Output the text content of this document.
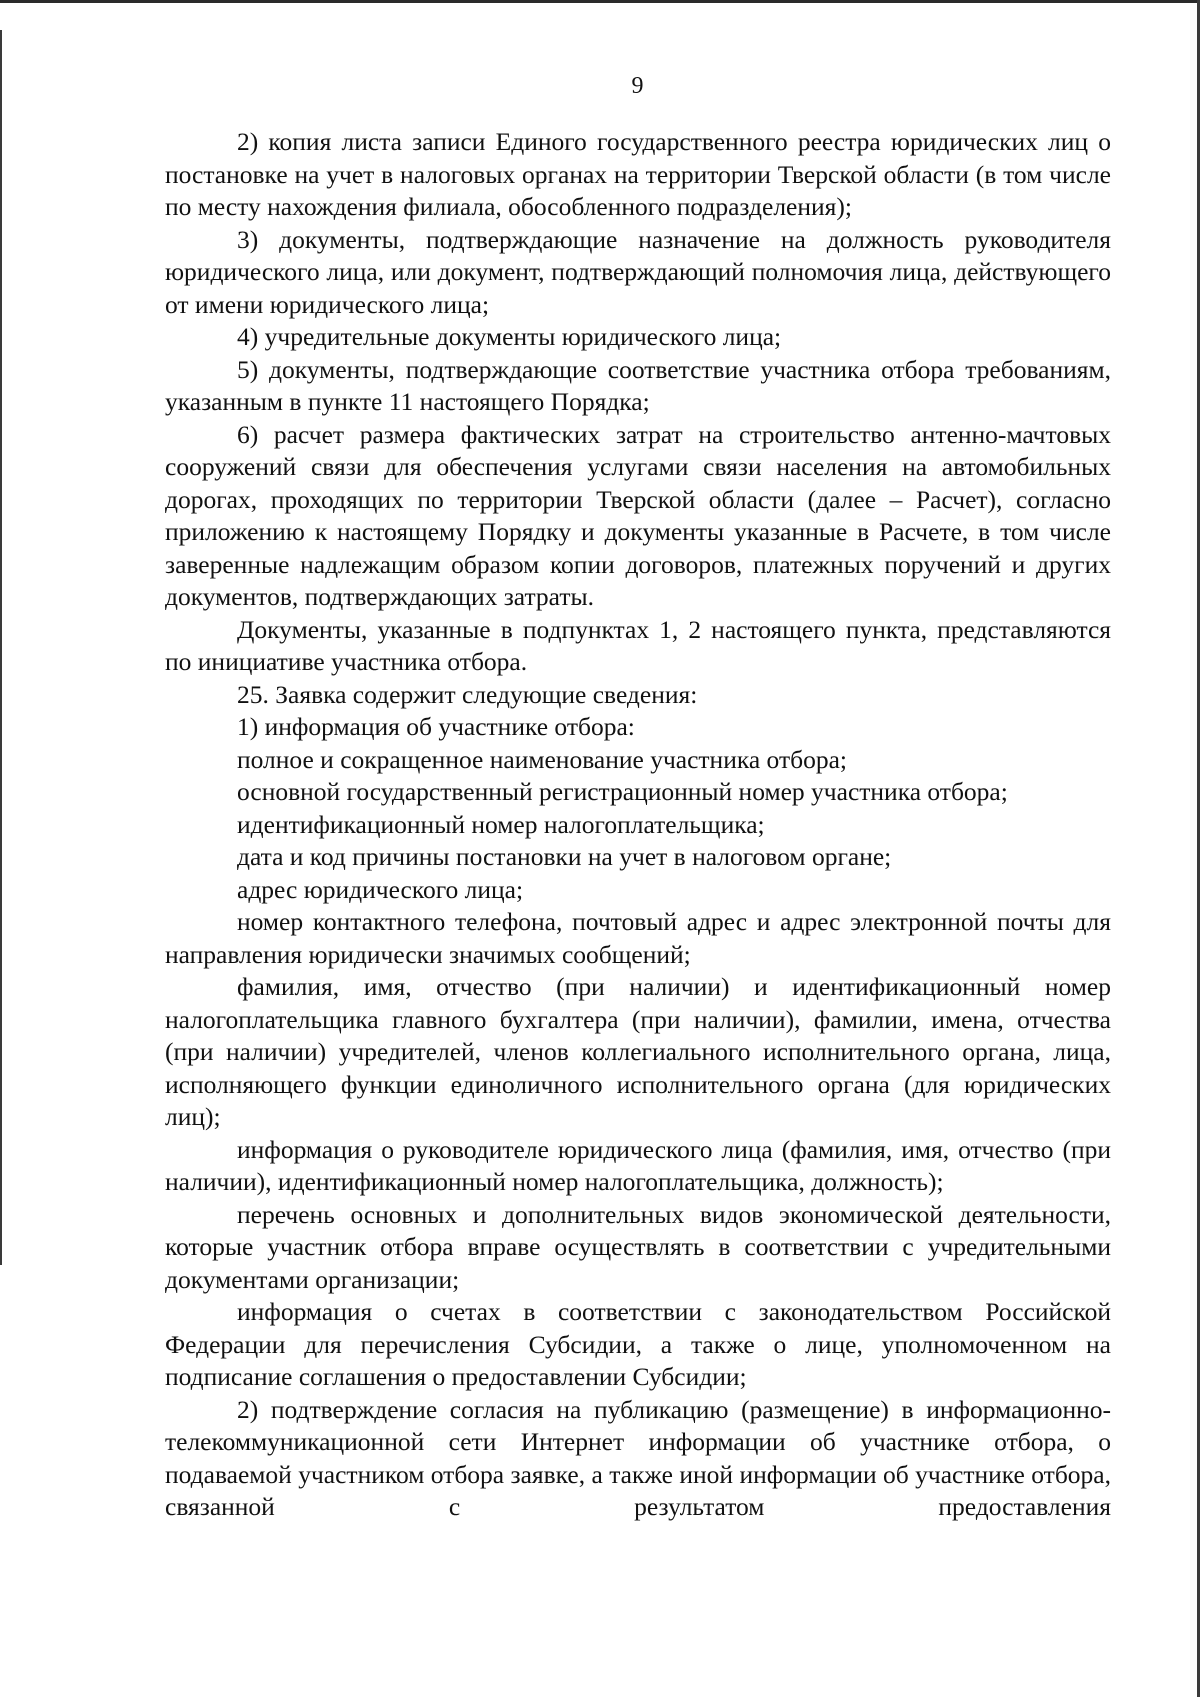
9

2) копия листа записи Единого государственного реестра юридических лиц о постановке на учет в налоговых органах на территории Тверской области (в том числе по месту нахождения филиала, обособленного подразделения);

3) документы, подтверждающие назначение на должность руководителя юридического лица, или документ, подтверждающий полномочия лица, действующего от имени юридического лица;

4) учредительные документы юридического лица;

5) документы, подтверждающие соответствие участника отбора требованиям, указанным в пункте 11 настоящего Порядка;

6) расчет размера фактических затрат на строительство антенно-мачтовых сооружений связи для обеспечения услугами связи населения на автомобильных дорогах, проходящих по территории Тверской области (далее – Расчет), согласно приложению к настоящему Порядку и документы указанные в Расчете, в том числе заверенные надлежащим образом копии договоров, платежных поручений и других документов, подтверждающих затраты.

Документы, указанные в подпунктах 1, 2 настоящего пункта, представляются по инициативе участника отбора.

25. Заявка содержит следующие сведения:

1) информация об участнике отбора:

полное и сокращенное наименование участника отбора;

основной государственный регистрационный номер участника отбора;

идентификационный номер налогоплательщика;

дата и код причины постановки на учет в налоговом органе;

адрес юридического лица;

номер контактного телефона, почтовый адрес и адрес электронной почты для направления юридически значимых сообщений;

фамилия, имя, отчество (при наличии) и идентификационный номер налогоплательщика главного бухгалтера (при наличии), фамилии, имена, отчества (при наличии) учредителей, членов коллегиального исполнительного органа, лица, исполняющего функции единоличного исполнительного органа (для юридических лиц);

информация о руководителе юридического лица (фамилия, имя, отчество (при наличии), идентификационный номер налогоплательщика, должность);

перечень основных и дополнительных видов экономической деятельности, которые участник отбора вправе осуществлять в соответствии с учредительными документами организации;

информация о счетах в соответствии с законодательством Российской Федерации для перечисления Субсидии, а также о лице, уполномоченном на подписание соглашения о предоставлении Субсидии;

2) подтверждение согласия на публикацию (размещение) в информационно-телекоммуникационной сети Интернет информации об участнике отбора, о подаваемой участником отбора заявке, а также иной информации об участнике отбора, связанной с результатом предоставления
